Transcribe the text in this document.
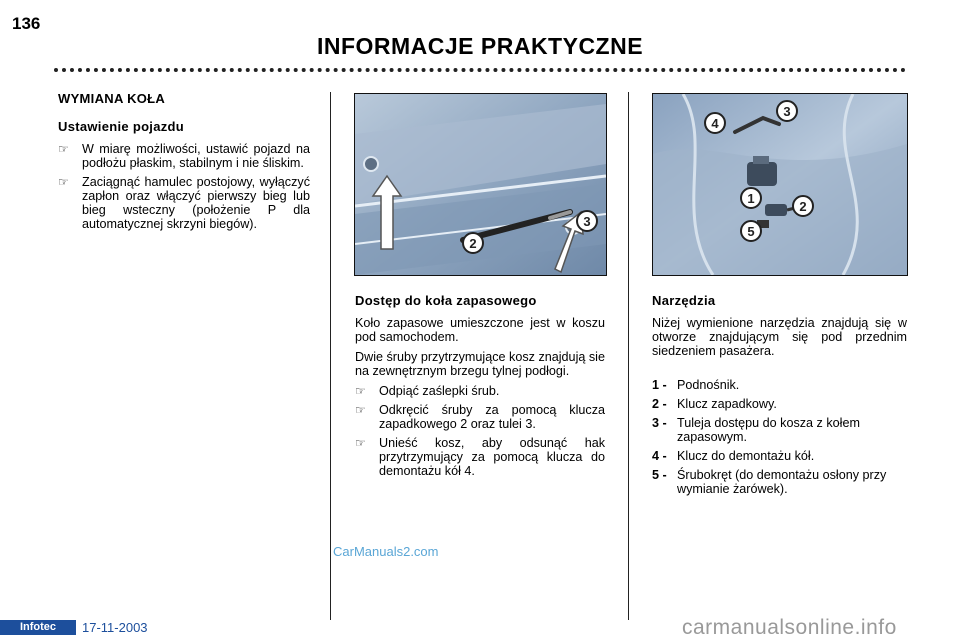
136
INFORMACJE PRAKTYCZNE
WYMIANA KOŁA
Ustawienie pojazdu
☞ W miarę możliwości, ustawić pojazd na podłożu płaskim, stabilnym i nie śliskim.
☞ Zaciągnąć hamulec postojowy, wyłączyć zapłon oraz włączyć pierwszy bieg lub bieg wsteczny (położenie P dla automatycznej skrzyni biegów).
2
3
3
4
1
2
5
Dostęp do koła zapasowego

Koło zapasowe umieszczone jest w koszu pod samochodem.

Dwie śruby przytrzymujące kosz znajdują sie na zewnętrznym brzegu tylnej podłogi.

☞ Odpiąć zaślepki śrub.
☞ Odkręcić śruby za pomocą klucza zapadkowego 2 oraz tulei 3.
☞ Unieść kosz, aby odsunąć hak przytrzymujący za pomocą klucza do demontażu kół 4.
Narzędzia

Niżej wymienione narzędzia znajdują się w otworze znajdującym się pod przednim siedzeniem pasażera.

1 - Podnośnik.
2 - Klucz zapadkowy.
3 - Tuleja dostępu do kosza z kołem zapasowym.
4 - Klucz do demontażu kół.
5 - Śrubokręt (do demontażu osłony przy wymianie żarówek).
Infotec	17-11-2003
CarManuals2.com
carmanualsonline.info
